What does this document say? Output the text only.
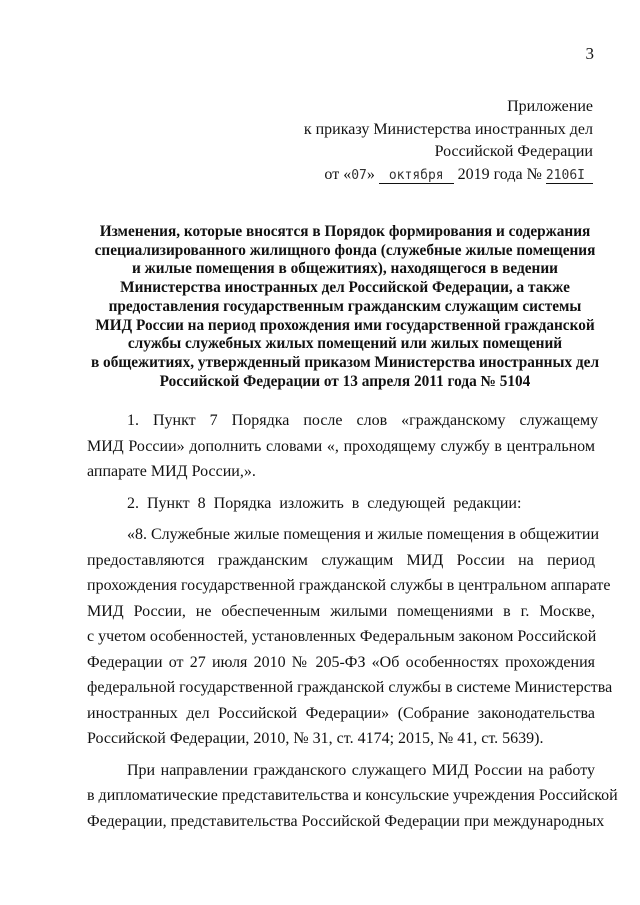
3
Приложение
к приказу Министерства иностранных дел
Российской Федерации
от «07» октября 2019 года № 2106I
Изменения, которые вносятся в Порядок формирования и содержания
специализированного жилищного фонда (служебные жилые помещения
и жилые помещения в общежитиях), находящегося в ведении
Министерства иностранных дел Российской Федерации, а также
предоставления государственным гражданским служащим системы
МИД России на период прохождения ими государственной гражданской
службы служебных жилых помещений или жилых помещений
в общежитиях, утвержденный приказом Министерства иностранных дел
Российской Федерации от 13 апреля 2011 года № 5104
1. Пункт 7 Порядка после слов «гражданскому служащему
МИД России» дополнить словами «, проходящему службу в центральном
аппарате МИД России,».
2. Пункт 8 Порядка изложить в следующей редакции:
«8. Служебные жилые помещения и жилые помещения в общежитии
предоставляются гражданским служащим МИД России на период
прохождения государственной гражданской службы в центральном аппарате
МИД России, не обеспеченным жилыми помещениями в г. Москве,
с учетом особенностей, установленных Федеральным законом Российской
Федерации от 27 июля 2010 № 205-ФЗ «Об особенностях прохождения
федеральной государственной гражданской службы в системе Министерства
иностранных дел Российской Федерации» (Собрание законодательства
Российской Федерации, 2010, № 31, ст. 4174; 2015, № 41, ст. 5639).
При направлении гражданского служащего МИД России на работу
в дипломатические представительства и консульские учреждения Российской
Федерации, представительства Российской Федерации при международных
